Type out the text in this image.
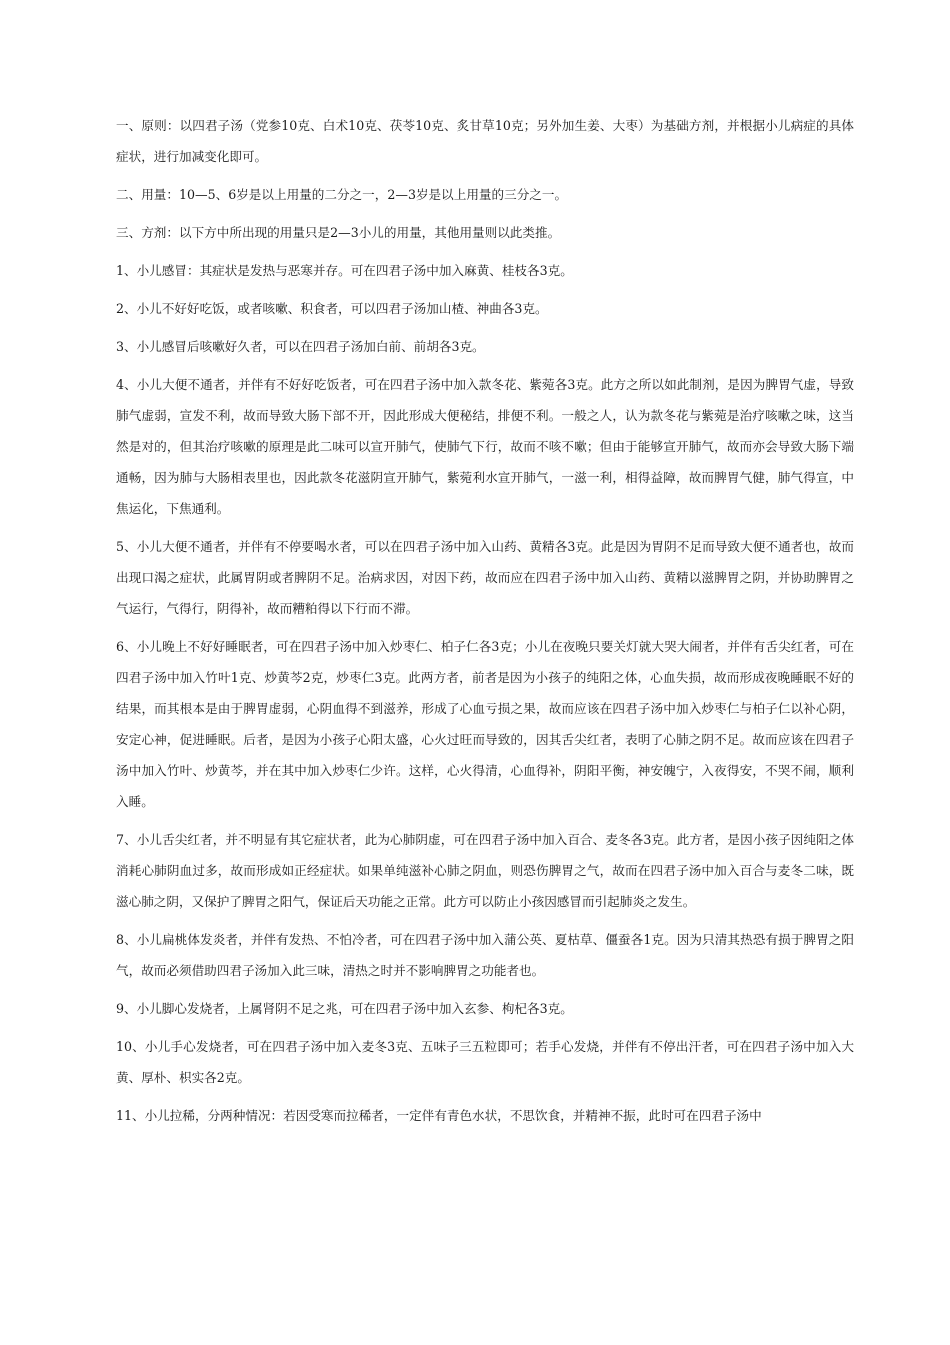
一、原则：以四君子汤（党参10克、白术10克、茯苓10克、炙甘草10克；另外加生姜、大枣）为基础方剂，并根据小儿病症的具体症状，进行加减变化即可。

二、用量：10—5、6岁是以上用量的二分之一，2—3岁是以上用量的三分之一。

三、方剂：以下方中所出现的用量只是2—3小儿的用量，其他用量则以此类推。

1、小儿感冒：其症状是发热与恶寒并存。可在四君子汤中加入麻黄、桂枝各3克。

2、小儿不好好吃饭，或者咳嗽、积食者，可以四君子汤加山楂、神曲各3克。

3、小儿感冒后咳嗽好久者，可以在四君子汤加白前、前胡各3克。

4、小儿大便不通者，并伴有不好好吃饭者，可在四君子汤中加入款冬花、紫菀各3克。此方之所以如此制剂，是因为脾胃气虚，导致肺气虚弱，宣发不利，故而导致大肠下部不开，因此形成大便秘结，排便不利。一般之人，认为款冬花与紫菀是治疗咳嗽之味，这当然是对的，但其治疗咳嗽的原理是此二味可以宣开肺气，使肺气下行，故而不咳不嗽；但由于能够宣开肺气，故而亦会导致大肠下端通畅，因为肺与大肠相表里也，因此款冬花滋阴宣开肺气，紫菀利水宣开肺气，一滋一利，相得益障，故而脾胃气健，肺气得宣，中焦运化，下焦通利。

5、小儿大便不通者，并伴有不停要喝水者，可以在四君子汤中加入山药、黄精各3克。此是因为胃阴不足而导致大便不通者也，故而出现口渴之症状，此属胃阴或者脾阴不足。治病求因，对因下药，故而应在四君子汤中加入山药、黄精以滋脾胃之阴，并协助脾胃之气运行，气得行，阴得补，故而糟粕得以下行而不滞。

6、小儿晚上不好好睡眠者，可在四君子汤中加入炒枣仁、柏子仁各3克；小儿在夜晚只要关灯就大哭大闹者，并伴有舌尖红者，可在四君子汤中加入竹叶1克、炒黄芩2克，炒枣仁3克。此两方者，前者是因为小孩子的纯阳之体，心血失损，故而形成夜晚睡眠不好的结果，而其根本是由于脾胃虚弱，心阴血得不到滋养，形成了心血亏损之果，故而应该在四君子汤中加入炒枣仁与柏子仁以补心阴，安定心神，促进睡眠。后者，是因为小孩子心阳太盛，心火过旺而导致的，因其舌尖红者，表明了心肺之阴不足。故而应该在四君子汤中加入竹叶、炒黄芩，并在其中加入炒枣仁少许。这样，心火得清，心血得补，阴阳平衡，神安魄宁，入夜得安，不哭不闹，顺利入睡。

7、小儿舌尖红者，并不明显有其它症状者，此为心肺阴虚，可在四君子汤中加入百合、麦冬各3克。此方者，是因小孩子因纯阳之体消耗心肺阴血过多，故而形成如正经症状。如果单纯滋补心肺之阴血，则恐伤脾胃之气，故而在四君子汤中加入百合与麦冬二味，既滋心肺之阴，又保护了脾胃之阳气，保证后天功能之正常。此方可以防止小孩因感冒而引起肺炎之发生。

8、小儿扁桃体发炎者，并伴有发热、不怕冷者，可在四君子汤中加入蒲公英、夏枯草、僵蚕各1克。因为只清其热恐有损于脾胃之阳气，故而必须借助四君子汤加入此三味，清热之时并不影响脾胃之功能者也。

9、小儿脚心发烧者，上属肾阴不足之兆，可在四君子汤中加入玄参、枸杞各3克。

10、小儿手心发烧者，可在四君子汤中加入麦冬3克、五味子三五粒即可；若手心发烧，并伴有不停出汗者，可在四君子汤中加入大黄、厚朴、枳实各2克。

11、小儿拉稀，分两种情况：若因受寒而拉稀者，一定伴有青色水状，不思饮食，并精神不振，此时可在四君子汤中
